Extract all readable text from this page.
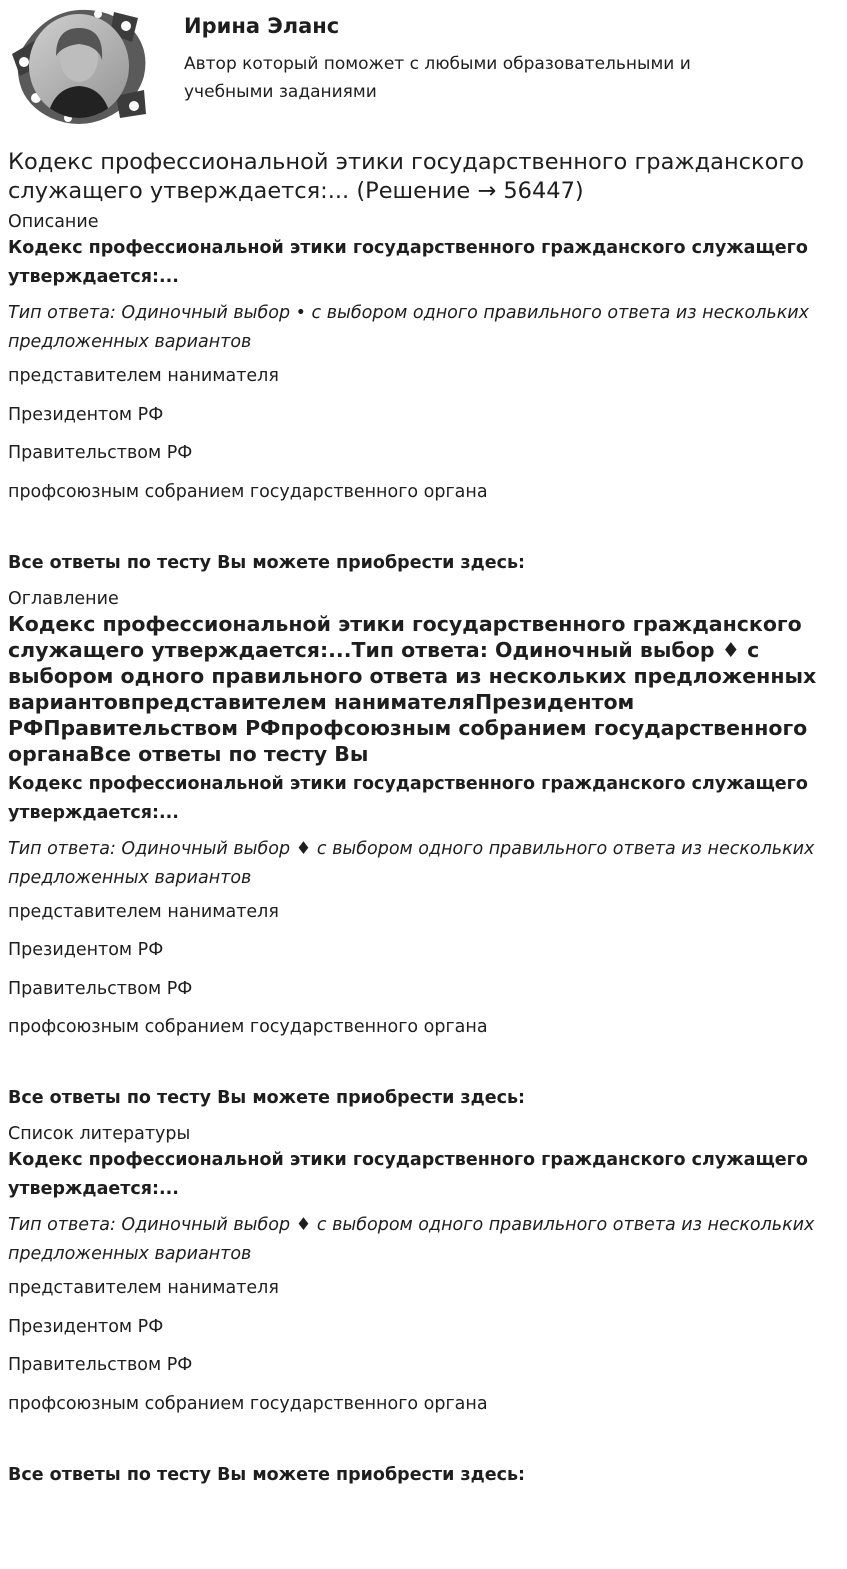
Ирина Эланс
Автор который поможет с любыми образовательными и учебными заданиями
Кодекс профессиональной этики государственного гражданского служащего утверждается:... (Решение → 56447)
Описание
Кодекс профессиональной этики государственного гражданского служащего утверждается:...
Тип ответа: Одиночный выбор • с выбором одного правильного ответа из нескольких предложенных вариантов
представителем нанимателя
Президентом РФ
Правительством РФ
профсоюзным собранием государственного органа
Все ответы по тесту Вы можете приобрести здесь:
Оглавление
Кодекс профессиональной этики государственного гражданского служащего утверждается:...Тип ответа: Одиночный выбор ♦ с выбором одного правильного ответа из нескольких предложенных вариантовпредставителем нанимателяПрезидентом РФПравительством РФпрофсоюзным собранием государственного органаВсе ответы по тесту Вы
Кодекс профессиональной этики государственного гражданского служащего утверждается:...
Тип ответа: Одиночный выбор ♦ с выбором одного правильного ответа из нескольких предложенных вариантов
представителем нанимателя
Президентом РФ
Правительством РФ
профсоюзным собранием государственного органа
Все ответы по тесту Вы можете приобрести здесь:
Список литературы
Кодекс профессиональной этики государственного гражданского служащего утверждается:...
Тип ответа: Одиночный выбор ♦ с выбором одного правильного ответа из нескольких предложенных вариантов
представителем нанимателя
Президентом РФ
Правительством РФ
профсоюзным собранием государственного органа
Все ответы по тесту Вы можете приобрести здесь:
